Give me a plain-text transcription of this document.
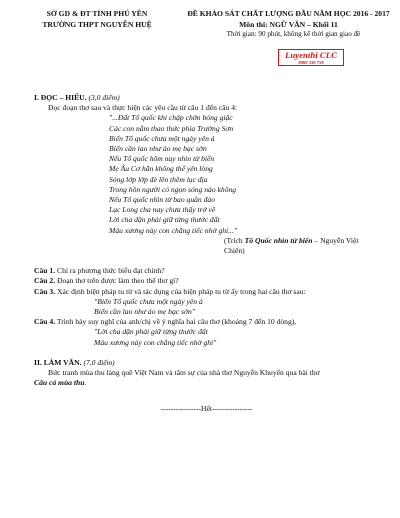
SỞ GD & ĐT TỈNH PHÚ YÊN
TRƯỜNG THPT NGUYỄN HUỆ
ĐỀ KHẢO SÁT CHẤT LƯỢNG ĐẦU NĂM HỌC 2016 - 2017
Môn thi: NGỮ VĂN – Khối 11
Thời gian: 90 phút, không kể thời gian giao đề
Luyenthi CLC
0969 330 758
I. ĐỌC – HIỂU. (3,0 điểm)
Đọc đoạn thơ sau và thực hiện các yêu cầu từ câu 1 đến câu 4:
"...Đất Tổ quốc khi chập chờn bóng giặc
Các con nằm thao thức phía Trường Sơn
Biển Tổ quốc chưa một ngày yên ả
Biển cần lao như áo mẹ bạc sờn
Nếu Tổ quốc hôm nay nhìn từ biển
Mẹ Âu Cơ hẳn không thể yên lòng
Sóng lớp lớp đè lên thềm lục địa
Trong hồn người có ngọn sóng nào không
Nếu Tổ quốc nhìn từ bao quần đảo
Lạc Long cha nay chưa thấy trở về
Lời cha dặn phải giữ từng thước đất
Máu xương này con chẳng tiếc nhờ ghi..."
(Trích Tổ Quốc nhìn từ biển – Nguyễn Việt Chiến)
Câu 1. Chỉ ra phương thức biểu đạt chính?
Câu 2. Đoạn thơ trên được làm theo thể thơ gì?
Câu 3. Xác định biện pháp tu từ và tác dụng của biện pháp tu từ ấy trong hai câu thơ sau:
"Biển Tổ quốc chưa một ngày yên ả
Biển cần lao như áo mẹ bạc sờn"
Câu 4. Trình bày suy nghĩ của anh/chị về ý nghĩa hai câu thơ (khoảng 7 đến 10 dòng),
"Lời cha dặn phải giữ từng thước đất
Máu xương này con chẳng tiếc nhờ ghi"
II. LÀM VĂN. (7,0 điểm)
Bức tranh mùa thu làng quê Việt Nam và tâm sự của nhà thơ Nguyễn Khuyến qua bài thơ
Câu cá mùa thu.
----------------Hết----------------
